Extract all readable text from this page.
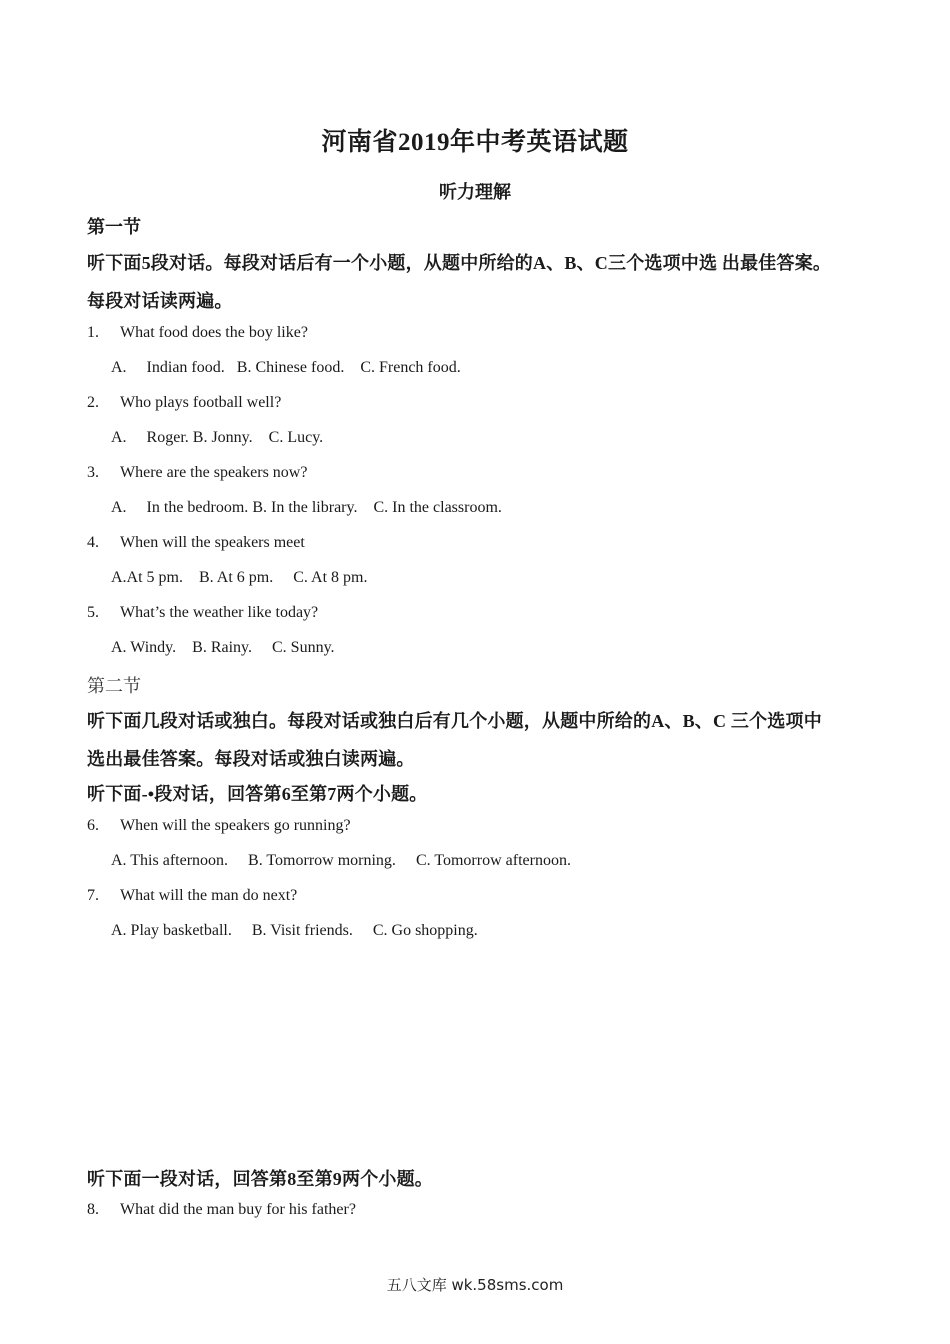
河南省2019年中考英语试题
听力理解
第一节
听下面5段对话。每段对话后有一个小题，从题中所给的A、B、C三个选项中选 出最佳答案。
每段对话读两遍。
1. What food does the boy like?
A.     Indian food. B. Chinese food. C. French food.
2. Who plays football well?
A.     Roger. B. Jonny. C. Lucy.
3. Where are the speakers now?
A.     In the bedroom. B. In the library. C. In the classroom.
4. When will the speakers meet
A.At 5 pm. B. At 6 pm. C. At 8 pm.
5. What’s the weather like today?
A. Windy. B. Rainy. C. Sunny.
第二节
听下面几段对话或独白。每段对话或独白后有几个小题，从题中所给的A、B、C 三个选项中
选出最佳答案。每段对话或独白读两遍。
听下面-•段对话，回答第6至第7两个小题。
6. When will the speakers go running?
A. This afternoon. B. Tomorrow morning. C. Tomorrow afternoon.
7. What will the man do next?
A. Play basketball. B. Visit friends. C. Go shopping.
听下面一段对话，回答第8至第9两个小题。
8. What did the man buy for his father?
五八文库 wk.58sms.com
